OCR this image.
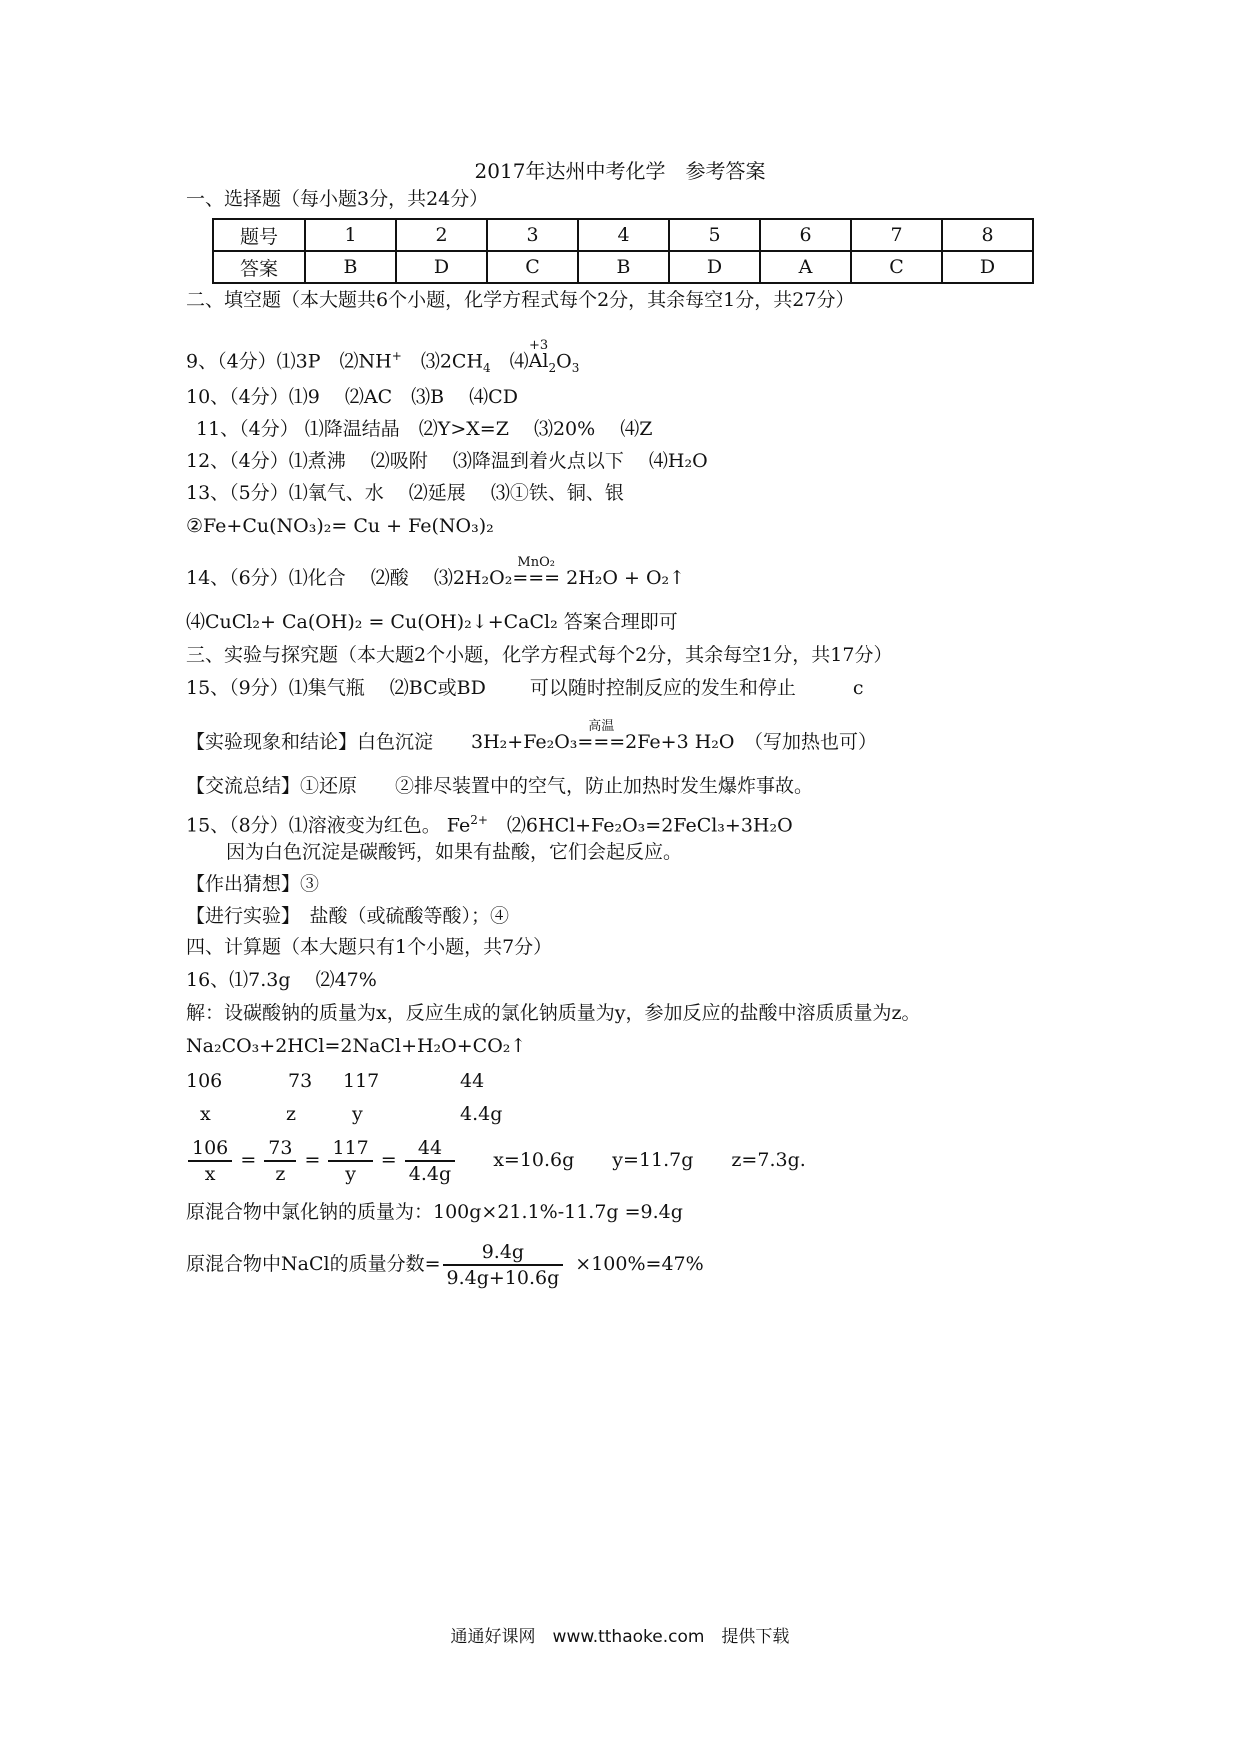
2017年达州中考化学　参考答案
一、选择题（每小题3分，共24分）
题号	1	2	3	4	5	6	7	8
答案	B	D	C	B	D	A	C	D
二、填空题（本大题共6个小题，化学方程式每个2分，其余每空1分，共27分）
9、（4分）⑴3P　⑵NH+　$⑶2CH_4$　⑷
+3
$Al_2O_3$
10、（4分）⑴9　 ⑵AC　⑶B　 ⑷CD
11、（4分） ⑴降温结晶　⑵Y>X=Z　 ⑶20%　 ⑷Z
12、（4分）⑴煮沸　 ⑵吸附　 ⑶降温到着火点以下　 ⑷H₂O
13、（5分）⑴氧气、水　 ⑵延展　 ⑶①铁、铜、银
②Fe+Cu(NO₃)₂= Cu + Fe(NO₃)₂
14、（6分）⑴化合　 ⑵酸　 ⑶2H₂O₂
MnO₂
=== 2H₂O + O₂↑
⑷CuCl₂+ Ca(OH)₂ = Cu(OH)₂↓+CaCl₂ 答案合理即可
三、实验与探究题（本大题2个小题，化学方程式每个2分，其余每空1分，共17分）
15、（9分）⑴集气瓶　 ⑵BC或BD　　 可以随时控制反应的发生和停止　　　c
【实验现象和结论】白色沉淀　　3H₂+Fe₂O₃
高温
===2Fe+3 H₂O　（写加热也可）
【交流总结】①还原　　②排尽装置中的空气，防止加热时发生爆炸事故。
15、（8分）⑴溶液变为红色。 $Fe^{2+}$　⑵6HCl+Fe₂O₃=2FeCl₃+3H₂O
因为白色沉淀是碳酸钙，如果有盐酸，它们会起反应。
【作出猜想】③
【进行实验】　盐酸（或硫酸等酸）；④
四、计算题（本大题只有1个小题，共7分）
16、⑴7.3g　 ⑵47%
解：设碳酸钠的质量为x，反应生成的氯化钠质量为y，参加反应的盐酸中溶质质量为z。
Na₂CO₃+2HCl=2NaCl+H₂O+CO₂↑
106	73 117	44
x	z	y	4.4g
$\frac{106}{x} = \frac{73}{z} = \frac{117}{y} = \frac{44}{4.4g} x=10.6g$　　y=11.7g　　z=7.3g.
原混合物中氯化钠的质量为：100g×21.1%-11.7g =9.4g
原混合物中NaCl的质量分数= $\frac{9.4g}{9.4g+10.6g} \times 100\%=47\%$
通通好课网　www.tthaoke.com　提供下载
